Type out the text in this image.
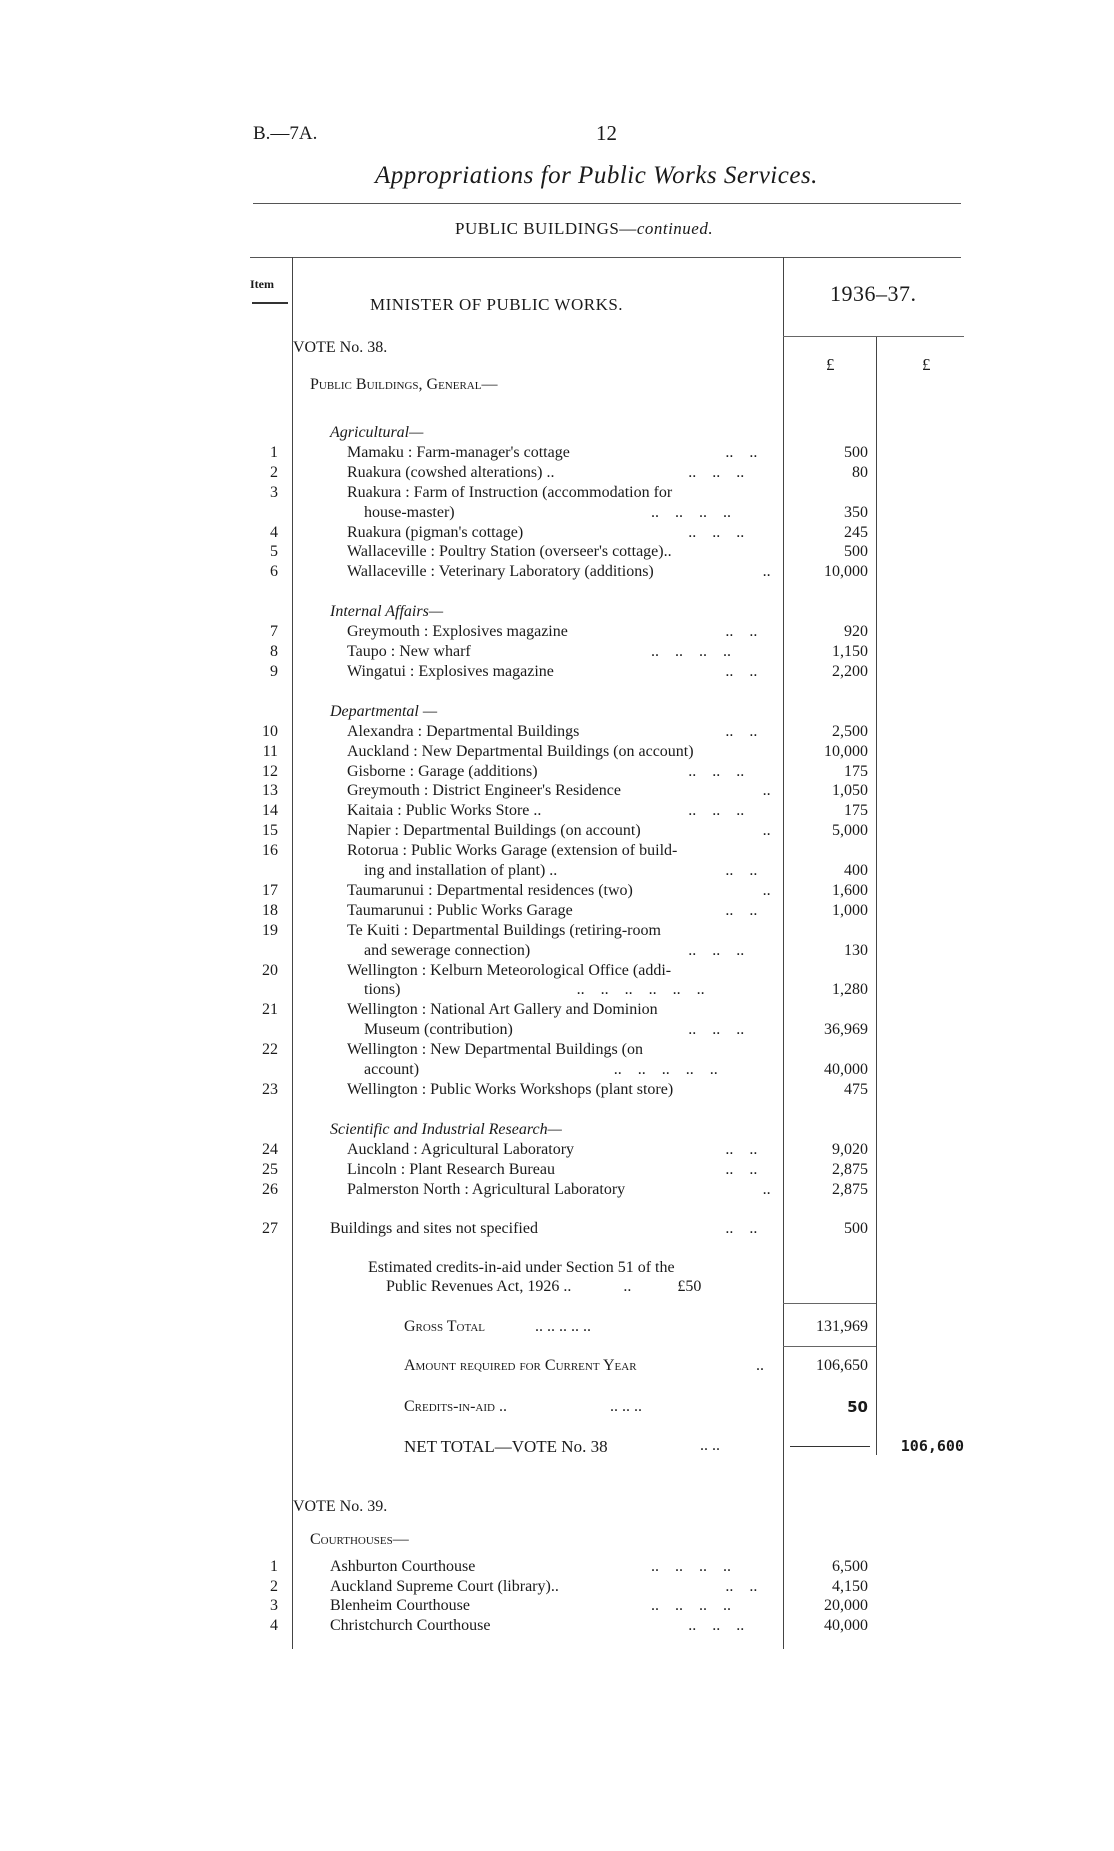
B.—7A.	12
Appropriations for Public Works Services.
PUBLIC BUILDINGS—continued.
Item
MINISTER OF PUBLIC WORKS.	1936–37.
£	£
VOTE No. 38.
Public Buildings, General—
Agricultural—
1	Mamaku : Farm-manager's cottage	..    ..	500
2	Ruakura (cowshed alterations) ..	..    ..    ..	80
3	Ruakura : Farm of Instruction (accommodation for
house-master)	..    ..    ..    ..	350
4	Ruakura (pigman's cottage)	..    ..    ..	245
5	Wallaceville : Poultry Station (overseer's cottage)..	500
6	Wallaceville : Veterinary Laboratory (additions)	..	10,000
Internal Affairs—
7	Greymouth : Explosives magazine	..    ..	920
8	Taupo : New wharf	..    ..    ..    ..	1,150
9	Wingatui : Explosives magazine	..    ..	2,200
Departmental —
10	Alexandra : Departmental Buildings	..    ..	2,500
11	Auckland : New Departmental Buildings (on account)	10,000
12	Gisborne : Garage (additions)	..    ..    ..	175
13	Greymouth : District Engineer's Residence	..	1,050
14	Kaitaia : Public Works Store ..	..    ..    ..	175
15	Napier : Departmental Buildings (on account)	..	5,000
16	Rotorua : Public Works Garage (extension of build-
ing and installation of plant) ..	..    ..	400
17	Taumarunui : Departmental residences (two)	..	1,600
18	Taumarunui : Public Works Garage	..    ..	1,000
19	Te Kuiti : Departmental Buildings (retiring-room
and sewerage connection)	..    ..    ..	130
20	Wellington : Kelburn Meteorological Office (addi-
tions)	..    ..    ..    ..    ..    ..	1,280
21	Wellington : National Art Gallery and Dominion
Museum (contribution)	..    ..    ..	36,969
22	Wellington : New Departmental Buildings (on
account)	..    ..    ..    ..    ..	40,000
23	Wellington : Public Works Workshops (plant store)	475
Scientific and Industrial Research—
24	Auckland : Agricultural Laboratory	..    ..	9,020
25	Lincoln : Plant Research Bureau	..    ..	2,875
26	Palmerston North : Agricultural Laboratory	..	2,875
27	Buildings and sites not specified	..    ..	500
Estimated credits-in-aid under Section 51 of the
Public Revenues Act, 1926 ..	..	£50
Gross Total	.. .. .. .. ..	131,969
Amount required for Current Year	..	106,650
Credits-in-aid ..	.. .. ..	50
NET TOTAL—VOTE No. 38	.. ..	106,600
VOTE No. 39.
Courthouses—
1	Ashburton Courthouse	..    ..    ..    ..	6,500
2	Auckland Supreme Court (library)..	..    ..	4,150
3	Blenheim Courthouse	..    ..    ..    ..	20,000
4	Christchurch Courthouse	..    ..    ..	40,000
